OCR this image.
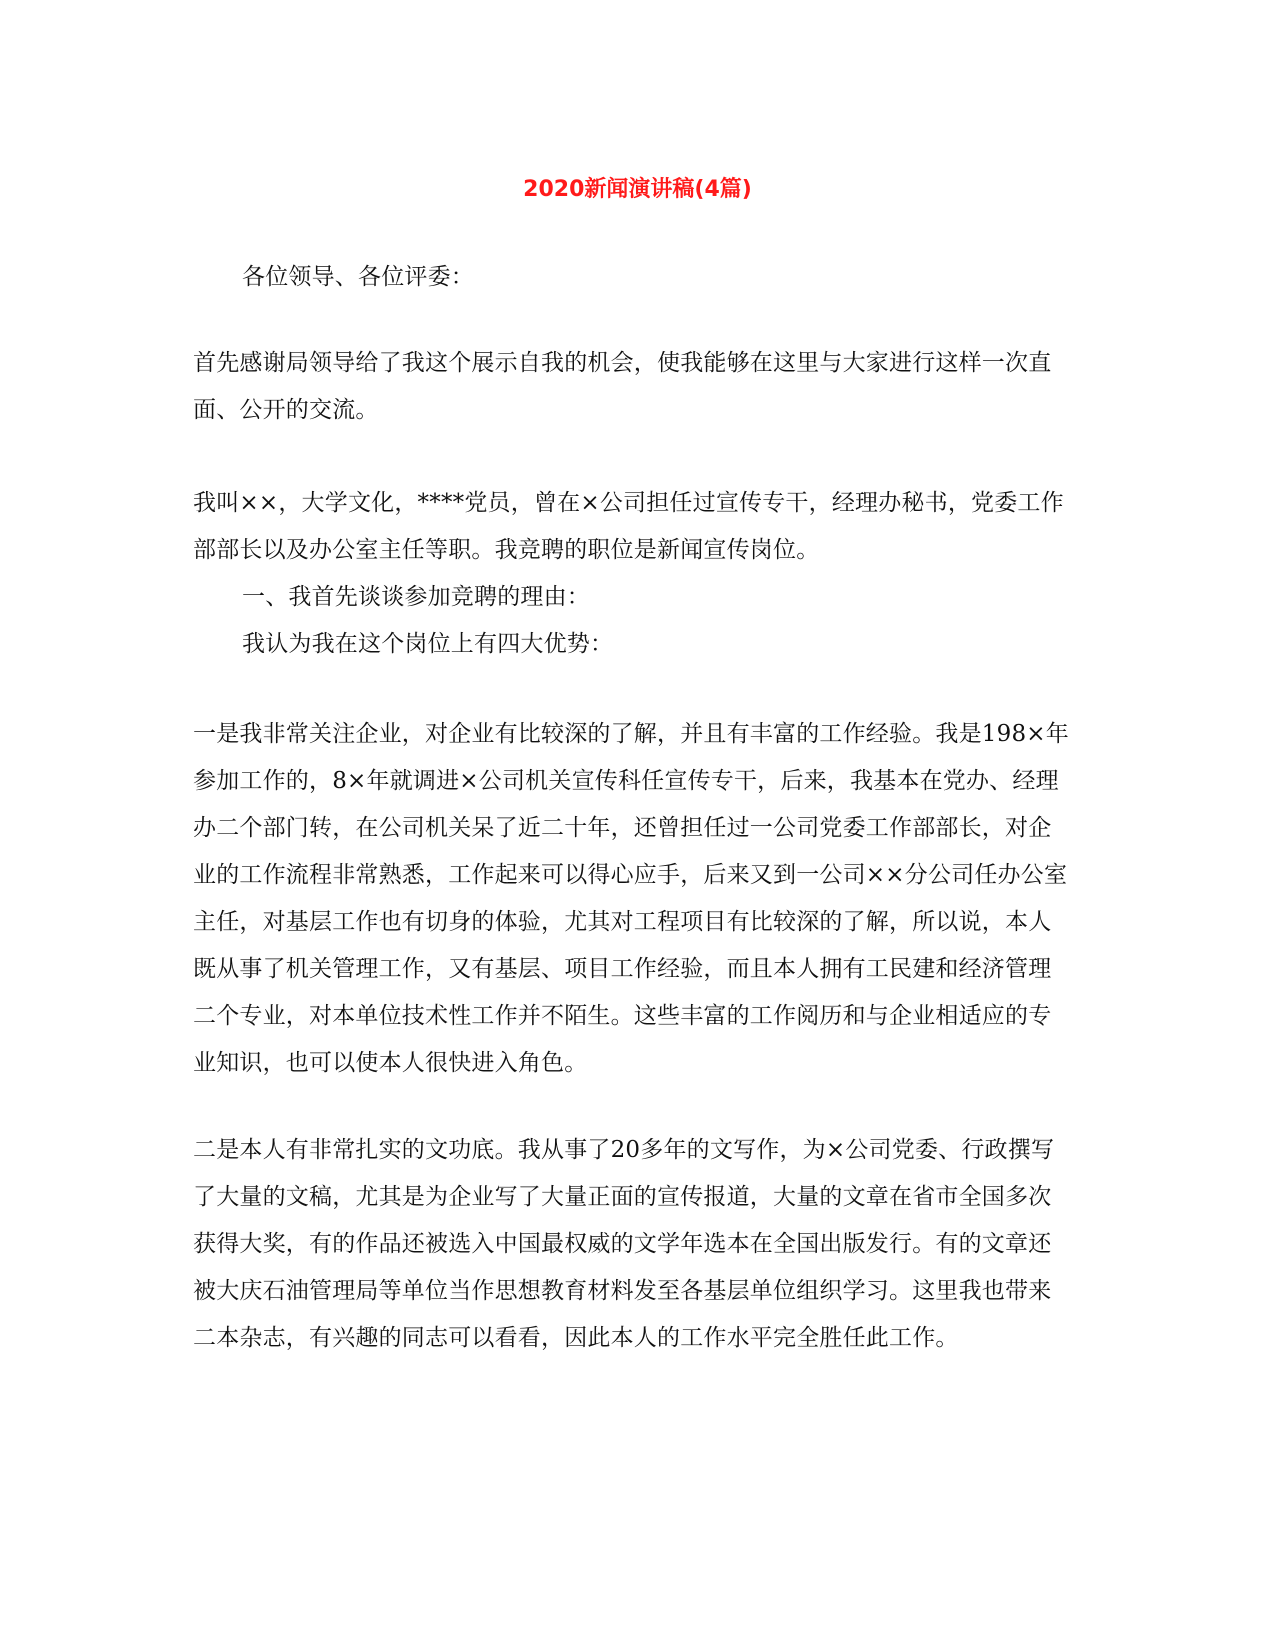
2020新闻演讲稿(4篇)

各位领导、各位评委：

首先感谢局领导给了我这个展示自我的机会，使我能够在这里与大家进行这样一次直面、公开的交流。

我叫××，大学文化，****党员，曾在×公司担任过宣传专干，经理办秘书，党委工作部部长以及办公室主任等职。我竞聘的职位是新闻宣传岗位。

一、我首先谈谈参加竞聘的理由：

我认为我在这个岗位上有四大优势：

一是我非常关注企业，对企业有比较深的了解，并且有丰富的工作经验。我是198×年参加工作的，8×年就调进×公司机关宣传科任宣传专干，后来，我基本在党办、经理办二个部门转，在公司机关呆了近二十年，还曾担任过一公司党委工作部部长，对企业的工作流程非常熟悉，工作起来可以得心应手，后来又到一公司××分公司任办公室主任，对基层工作也有切身的体验，尤其对工程项目有比较深的了解，所以说，本人既从事了机关管理工作，又有基层、项目工作经验，而且本人拥有工民建和经济管理二个专业，对本单位技术性工作并不陌生。这些丰富的工作阅历和与企业相适应的专业知识，也可以使本人很快进入角色。

二是本人有非常扎实的文功底。我从事了20多年的文写作，为×公司党委、行政撰写了大量的文稿，尤其是为企业写了大量正面的宣传报道，大量的文章在省市全国多次获得大奖，有的作品还被选入中国最权威的文学年选本在全国出版发行。有的文章还被大庆石油管理局等单位当作思想教育材料发至各基层单位组织学习。这里我也带来二本杂志，有兴趣的同志可以看看，因此本人的工作水平完全胜任此工作。
